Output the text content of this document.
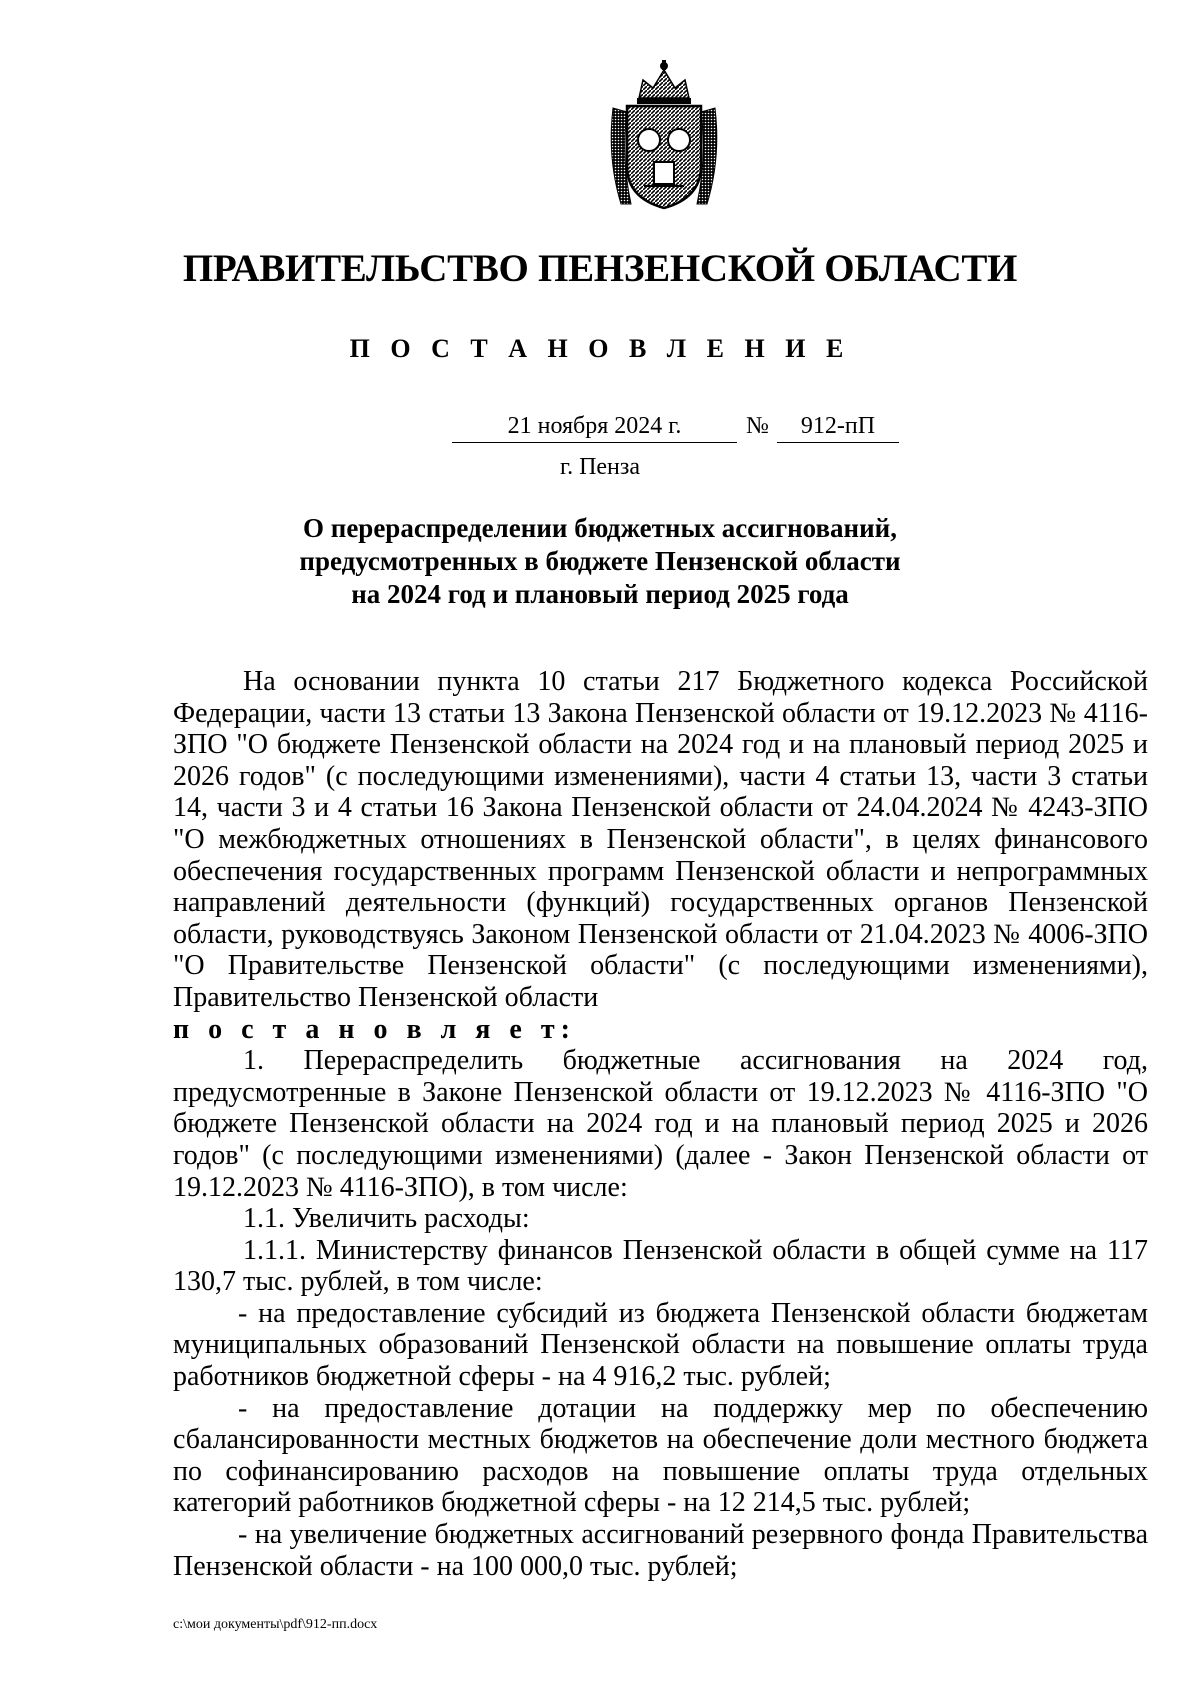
ПРАВИТЕЛЬСТВО ПЕНЗЕНСКОЙ ОБЛАСТИ
П О С Т А Н О В Л Е Н И Е
21 ноября 2024 г.	№	912-пП
г. Пенза
О перераспределении бюджетных ассигнований,
предусмотренных в бюджете Пензенской области
на 2024 год и плановый период 2025 года

На основании пункта 10 статьи 217 Бюджетного кодекса Российской Федерации, части 13 статьи 13 Закона Пензенской области от 19.12.2023 № 4116-ЗПО "О бюджете Пензенской области на 2024 год и на плановый период 2025 и 2026 годов" (с последующими изменениями), части 4 статьи 13, части 3 статьи 14, части 3 и 4 статьи 16 Закона Пензенской области от 24.04.2024 № 4243-ЗПО "О межбюджетных отношениях в Пензенской области", в целях финансового обеспечения государственных программ Пензенской области и непрограммных направлений деятельности (функций) государственных органов Пензенской области, руководствуясь Законом Пензенской области от 21.04.2023 № 4006-ЗПО "О Правительстве Пензенской области" (с последующими изменениями), Правительство Пензенской области

п о с т а н о в л я е т:

1. Перераспределить бюджетные ассигнования на 2024 год, предусмотренные в Законе Пензенской области от 19.12.2023 № 4116-ЗПО "О бюджете Пензенской области на 2024 год и на плановый период 2025 и 2026 годов" (с последующими изменениями) (далее - Закон Пензенской области от 19.12.2023 № 4116-ЗПО), в том числе:

1.1. Увеличить расходы:

1.1.1. Министерству финансов Пензенской области в общей сумме на 117 130,7 тыс. рублей, в том числе:

- на предоставление субсидий из бюджета Пензенской области бюджетам муниципальных образований Пензенской области на повышение оплаты труда работников бюджетной сферы - на 4 916,2 тыс. рублей;

- на предоставление дотации на поддержку мер по обеспечению сбалансированности местных бюджетов на обеспечение доли местного бюджета по софинансированию расходов на повышение оплаты труда отдельных категорий работников бюджетной сферы - на 12 214,5 тыс. рублей;

- на увеличение бюджетных ассигнований резервного фонда Правительства Пензенской области - на 100 000,0 тыс. рублей;

c:\мои документы\pdf\912-пп.docx
